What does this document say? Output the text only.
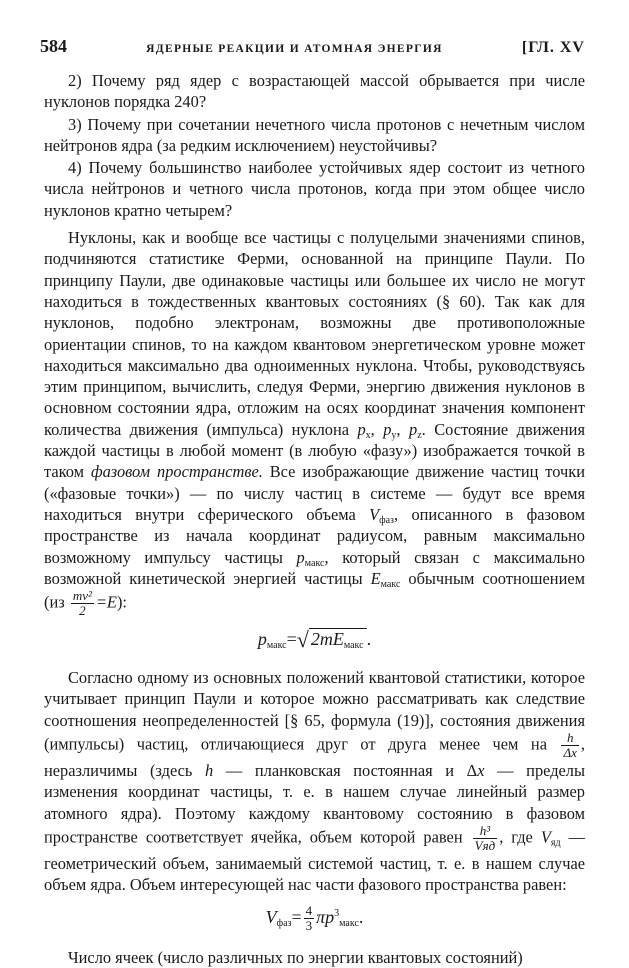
584	ЯДЕРНЫЕ РЕАКЦИИ И АТОМНАЯ ЭНЕРГИЯ	[ГЛ. XV

2) Почему ряд ядер с возрастающей массой обрывается при числе нуклонов порядка 240?

3) Почему при сочетании нечетного числа протонов с нечетным числом нейтронов ядра (за редким исключением) неустойчивы?

4) Почему большинство наиболее устойчивых ядер состоит из четного числа нейтронов и четного числа протонов, когда при этом общее число нуклонов кратно четырем?

Нуклоны, как и вообще все частицы с полуцелыми значениями спинов, подчиняются статистике Ферми, основанной на принципе Паули. По принципу Паули, две одинаковые частицы или большее их число не могут находиться в тождественных квантовых состояниях (§ 60). Так как для нуклонов, подобно электронам, возможны две противоположные ориентации спинов, то на каждом квантовом энергетическом уровне может находиться максимально два одноименных нуклона. Чтобы, руководствуясь этим принципом, вычислить, следуя Ферми, энергию движения нуклонов в основном состоянии ядра, отложим на осях координат значения компонент количества движения (импульса) нуклона $p_x$, $p_y$, $p_z$. Состояние движения каждой частицы в любой момент (в любую «фазу») изображается точкой в таком фазовом пространстве. Все изображающие движение частиц точки («фазовые точки») — по числу частиц в системе — будут все время находиться внутри сферического объема $V_{фаз}$, описанного в фазовом пространстве из начала координат радиусом, равным максимально возможному импульсу частицы $p_{макс}$, который связан с максимально возможной кинетической энергией частицы $E_{макс}$ обычным соотношением $(из \frac{\text{mv²}}{2} =E)$:

$p_{макс}=√$ $2mE_{макс}$ .

Согласно одному из основных положений квантовой статистики, которое учитывает принцип Паули и которое можно рассматривать как следствие соотношения неопределенностей [§ 65, формула (19)], состояния движения (импульсы) частиц, отличающиеся друг от друга менее чем на $\frac{h}{\Delta x}$ , неразличимы (здесь h — планковская постоянная и Δx — пределы изменения координат частицы, т. е. в нашем случае линейный размер атомного ядра). Поэтому каждому квантовому состоянию в фазовом пространстве соответствует ячейка, объем которой равен $\frac{\text{h³}}{\text{Vяд}}$ , где $V_{яд}$ — геометрический объем, занимаемый системой частиц, т. е. в нашем случае объем ядра. Объем интересующей нас части фазового пространства равен:

$V_{фаз}= \frac{4}{3} \pi p^3_{макс}$.

Число ячеек (число различных по энергии квантовых состояний)
